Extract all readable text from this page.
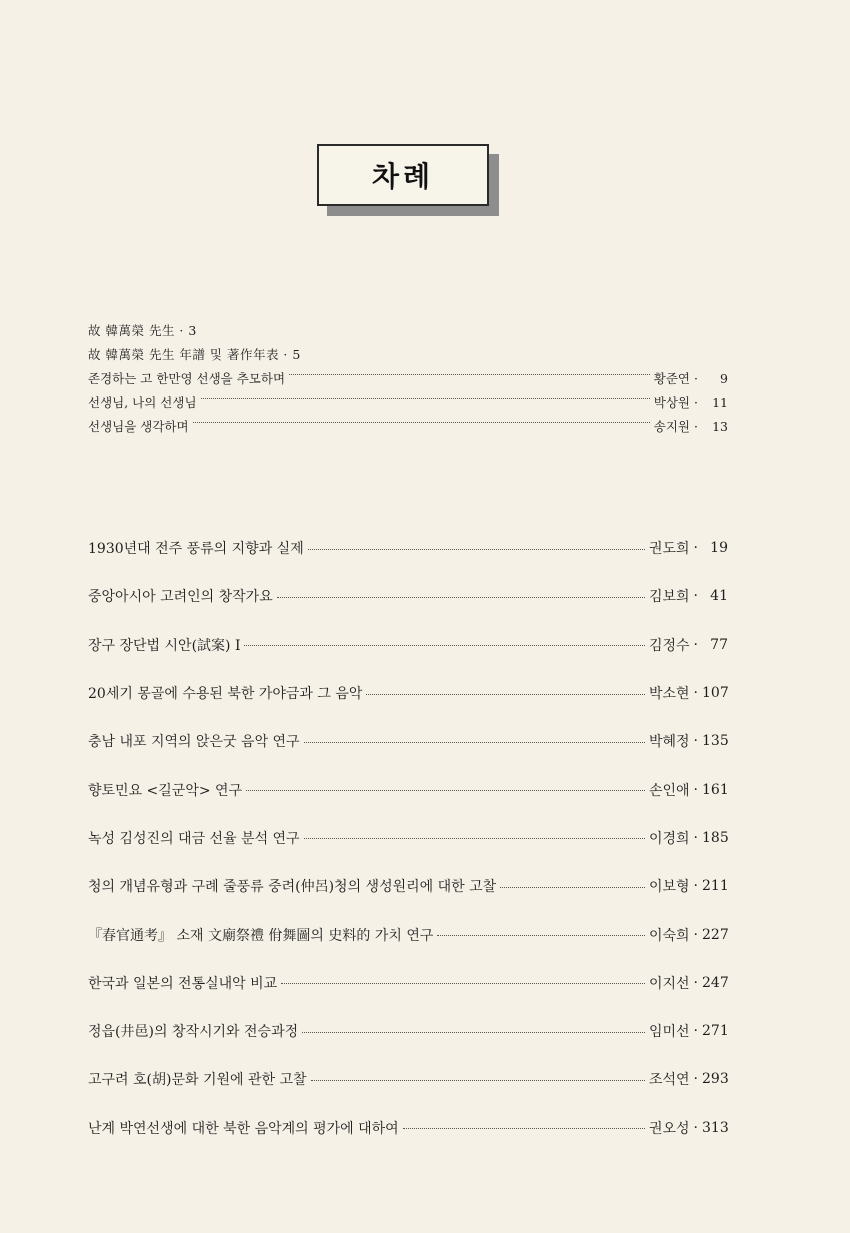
차례
故 韓萬榮 先生 · 3
故 韓萬榮 先生 年譜 및 著作年表 · 5
존경하는 고 한만영 선생을 추모하며	황준연 ·	9
선생님, 나의 선생님	박상원 ·	11
선생님을 생각하며	송지원 ·	13
1930년대 전주 풍류의 지향과 실제	권도희 · 19
중앙아시아 고려인의 창작가요	김보희 · 41
장구 장단법 시안(試案) I	김정수 · 77
20세기 몽골에 수용된 북한 가야금과 그 음악	박소현 · 107
충남 내포 지역의 앉은굿 음악 연구	박혜정 · 135
향토민요 <길군악> 연구	손인애 · 161
녹성 김성진의 대금 선율 분석 연구	이경희 · 185
청의 개념유형과 구례 줄풍류 중려(仲呂)청의 생성원리에 대한 고찰	이보형 · 211
『春官通考』 소재 文廟祭禮 佾舞圖의 史料的 가치 연구	이숙희 · 227
한국과 일본의 전통실내악 비교	이지선 · 247
정읍(井邑)의 창작시기와 전승과정	임미선 · 271
고구려 호(胡)문화 기원에 관한 고찰	조석연 · 293
난계 박연선생에 대한 북한 음악계의 평가에 대하여	권오성 · 313
